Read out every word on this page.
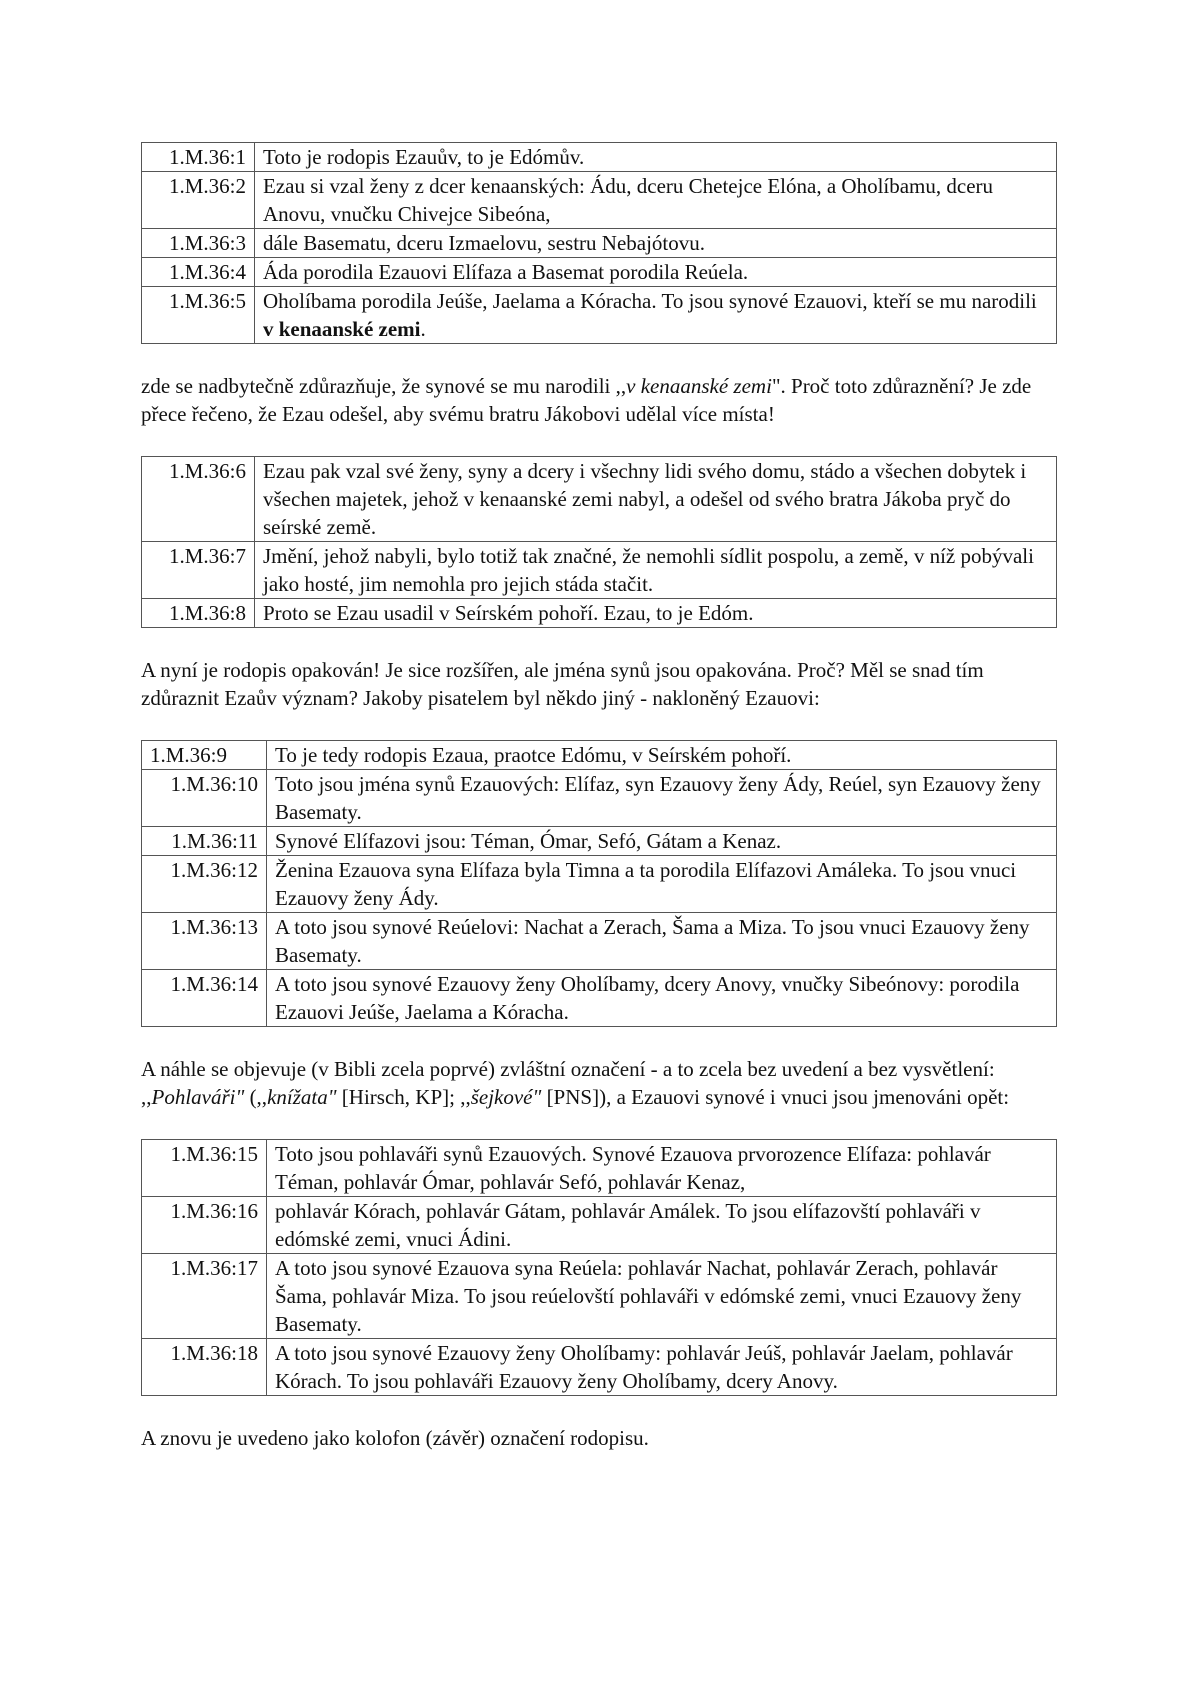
1.M.36:1	Toto je rodopis Ezauův, to je Edómův.
1.M.36:2	Ezau si vzal ženy z dcer kenaanských: Ádu, dceru Chetejce Elóna, a Oholíbamu, dceru Anovu, vnučku Chivejce Sibeóna,
1.M.36:3	dále Basematu, dceru Izmaelovu, sestru Nebajótovu.
1.M.36:4	Áda porodila Ezauovi Elífaza a Basemat porodila Reúela.
1.M.36:5	Oholíbama porodila Jeúše, Jaelama a Kóracha. To jsou synové Ezauovi, kteří se mu narodili v kenaanské zemi.

zde se nadbytečně zdůrazňuje, že synové se mu narodili ,,v kenaanské zemi". Proč toto zdůraznění? Je zde přece řečeno, že Ezau odešel, aby svému bratru Jákobovi udělal více místa!

1.M.36:6	Ezau pak vzal své ženy, syny a dcery i všechny lidi svého domu, stádo a všechen dobytek i všechen majetek, jehož v kenaanské zemi nabyl, a odešel od svého bratra Jákoba pryč do seírské země.
1.M.36:7	Jmění, jehož nabyli, bylo totiž tak značné, že nemohli sídlit pospolu, a země, v níž pobývali jako hosté, jim nemohla pro jejich stáda stačit.
1.M.36:8	Proto se Ezau usadil v Seírském pohoří. Ezau, to je Edóm.

A nyní je rodopis opakován! Je sice rozšířen, ale jména synů jsou opakována. Proč? Měl se snad tím zdůraznit Ezaův význam? Jakoby pisatelem byl někdo jiný - nakloněný Ezauovi:

1.M.36:9	To je tedy rodopis Ezaua, praotce Edómu, v Seírském pohoří.
1.M.36:10	Toto jsou jména synů Ezauových: Elífaz, syn Ezauovy ženy Ády, Reúel, syn Ezauovy ženy Basematy.
1.M.36:11	Synové Elífazovi jsou: Téman, Ómar, Sefó, Gátam a Kenaz.
1.M.36:12	Ženina Ezauova syna Elífaza byla Timna a ta porodila Elífazovi Amáleka. To jsou vnuci Ezauovy ženy Ády.
1.M.36:13	A toto jsou synové Reúelovi: Nachat a Zerach, Šama a Miza. To jsou vnuci Ezauovy ženy Basematy.
1.M.36:14	A toto jsou synové Ezauovy ženy Oholíbamy, dcery Anovy, vnučky Sibeónovy: porodila Ezauovi Jeúše, Jaelama a Kóracha.

A náhle se objevuje (v Bibli zcela poprvé) zvláštní označení - a to zcela bez uvedení a bez vysvětlení: ,,Pohlaváři" (,,knížata" [Hirsch, KP]; ,,šejkové" [PNS]), a Ezauovi synové i vnuci jsou jmenováni opět:

1.M.36:15	Toto jsou pohlaváři synů Ezauových. Synové Ezauova prvorozence Elífaza: pohlavár Téman, pohlavár Ómar, pohlavár Sefó, pohlavár Kenaz,
1.M.36:16	pohlavár Kórach, pohlavár Gátam, pohlavár Amálek. To jsou elífazovští pohlaváři v edómské zemi, vnuci Ádini.
1.M.36:17	A toto jsou synové Ezauova syna Reúela: pohlavár Nachat, pohlavár Zerach, pohlavár Šama, pohlavár Miza. To jsou reúelovští pohlaváři v edómské zemi, vnuci Ezauovy ženy Basematy.
1.M.36:18	A toto jsou synové Ezauovy ženy Oholíbamy: pohlavár Jeúš, pohlavár Jaelam, pohlavár Kórach. To jsou pohlaváři Ezauovy ženy Oholíbamy, dcery Anovy.

A znovu je uvedeno jako kolofon (závěr) označení rodopisu.
